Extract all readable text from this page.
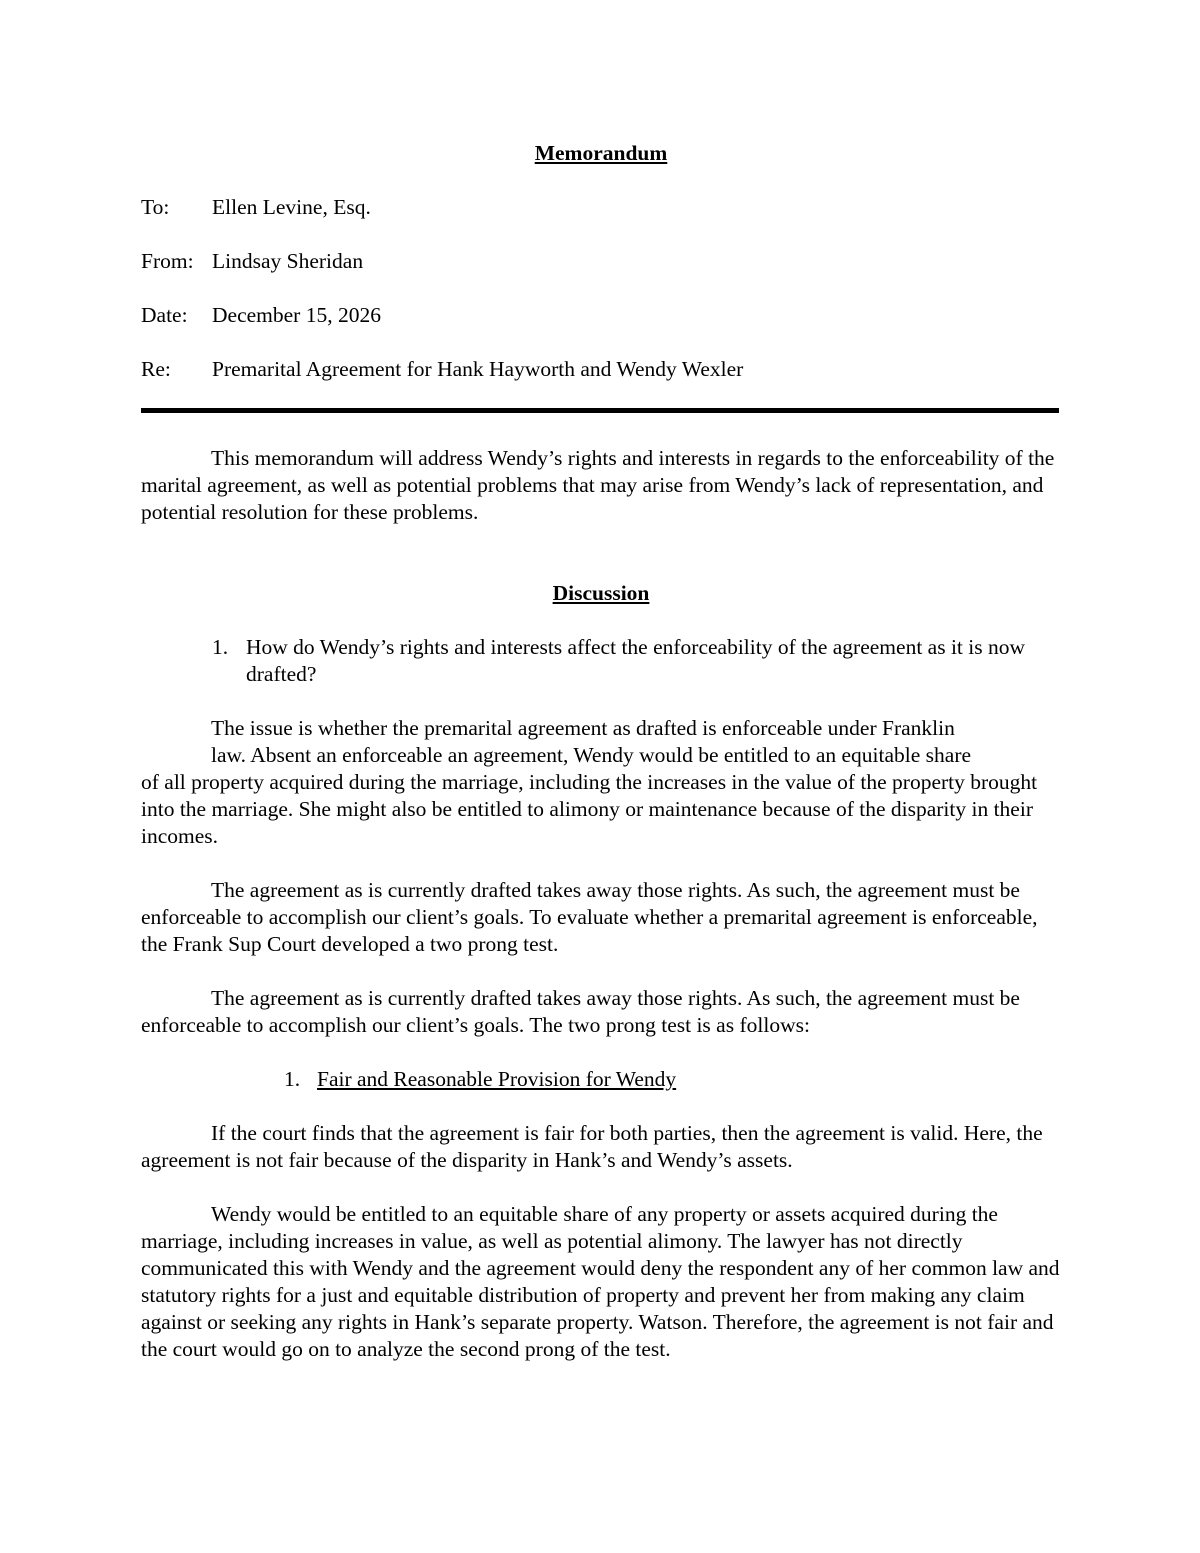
Memorandum
To:	Ellen Levine, Esq.
From: Lindsay Sheridan
Date:	December 15, 2026
Re:	Premarital Agreement for Hank Hayworth and Wendy Wexler

This memorandum will address Wendy’s rights and interests in regards to the enforceability of the marital agreement, as well as potential problems that may arise from Wendy’s lack of representation, and potential resolution for these problems.

Discussion
1. How do Wendy’s rights and interests affect the enforceability of the agreement as it is now drafted?
The issue is whether the premarital agreement as drafted is enforceable under Franklin
law. Absent an enforceable an agreement, Wendy would be entitled to an equitable share
of all property acquired during the marriage, including the increases in the value of the property brought into the marriage. She might also be entitled to alimony or maintenance because of the disparity in their incomes.

The agreement as is currently drafted takes away those rights. As such, the agreement must be enforceable to accomplish our client’s goals. To evaluate whether a premarital agreement is enforceable, the Frank Sup Court developed a two prong test.

The agreement as is currently drafted takes away those rights. As such, the agreement must be enforceable to accomplish our client’s goals. The two prong test is as follows:

1. Fair and Reasonable Provision for Wendy

If the court finds that the agreement is fair for both parties, then the agreement is valid. Here, the agreement is not fair because of the disparity in Hank’s and Wendy’s assets.

Wendy would be entitled to an equitable share of any property or assets acquired during the marriage, including increases in value, as well as potential alimony. The lawyer has not directly communicated this with Wendy and the agreement would deny the respondent any of her common law and statutory rights for a just and equitable distribution of property and prevent her from making any claim against or seeking any rights in Hank’s separate property. Watson. Therefore, the agreement is not fair and the court would go on to analyze the second prong of the test.
